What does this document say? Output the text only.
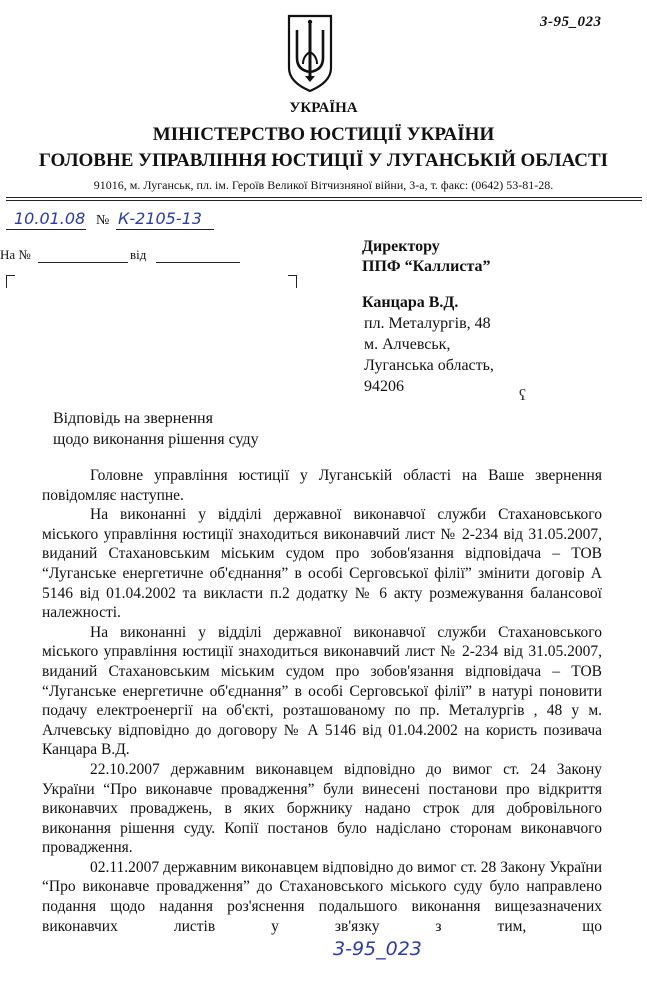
3-95_023
УКРАЇНА
МІНІСТЕРСТВО ЮСТИЦІЇ УКРАЇНИ
ГОЛОВНЕ УПРАВЛІННЯ ЮСТИЦІЇ У ЛУГАНСЬКІЙ ОБЛАСТІ
91016, м. Луганськ, пл. ім. Героїв Великої Вітчизняної війни, 3-а, т. факс: (0642) 53-81-28.
10.01.08 № К-2105-13
На №	від	Директору
ППФ “Каллиста”
Канцара В.Д.
пл. Металургів, 48
м. Алчевськ,
Луганська область,
94206
ʕ
Відповідь на звернення
щодо виконання рішення суду

Головне управління юстиції у Луганській області на Ваше звернення повідомляє наступне.

На виконанні у відділі державної виконавчої служби Стахановського міського управління юстиції знаходиться виконавчий лист № 2-234 від 31.05.2007, виданий Стахановським міським судом про зобов'язання відповідача – ТОВ “Луганське енергетичне об'єднання” в особі Серговської філії” змінити договір А 5146 від 01.04.2002 та викласти п.2 додатку № 6 акту розмежування балансової належності.

На виконанні у відділі державної виконавчої служби Стахановського міського управління юстиції знаходиться виконавчий лист № 2-234 від 31.05.2007, виданий Стахановським міським судом про зобов'язання відповідача – ТОВ “Луганське енергетичне об'єднання” в особі Серговської філії” в натурі поновити подачу електроенергії на об'єкті, розташованому по пр. Металургів , 48 у м. Алчевську відповідно до договору № А 5146 від 01.04.2002 на користь позивача Канцара В.Д.

22.10.2007 державним виконавцем відповідно до вимог ст. 24 Закону України “Про виконавче провадження” були винесені постанови про відкриття виконавчих проваджень, в яких боржнику надано строк для добровільного виконання рішення суду. Копії постанов було надіслано сторонам виконавчого провадження.

02.11.2007 державним виконавцем відповідно до вимог ст. 28 Закону України “Про виконавче провадження” до Стахановського міського суду було направлено подання щодо надання роз'яснення подальшого виконання вищезазначених виконавчих листів у зв'язку з тим, що

3-95_023
